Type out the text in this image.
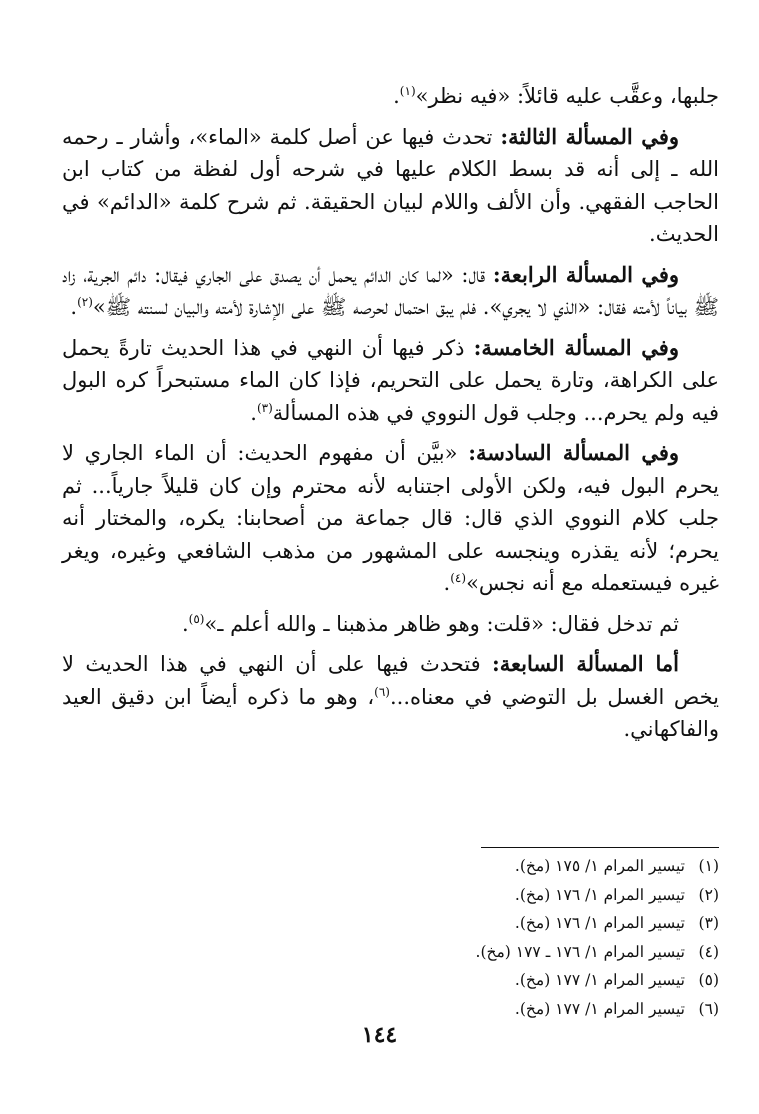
جلبها، وعقَّب عليه قائلاً: «فيه نظر»$^{(١)}$.

وفي المسألة الثالثة: تحدث فيها عن أصل كلمة «الماء»، وأشار ـ رحمه الله ـ إلى أنه قد بسط الكلام عليها في شرحه أول لفظة من كتاب ابن الحاجب الفقهي. وأن الألف واللام لبيان الحقيقة. ثم شرح كلمة «الدائم» في الحديث.

وفي المسألة الرابعة: قال: «لما كان الدائم يحمل أن يصدق على الجاري فيقال: دائم الجرية، زاد ﷺ بياناً لأمته فقال: «الذي لا يجري». فلم يبق احتمال لحرصه ﷺ على الإشارة لأمته والبيان لسنته ﷺ»$^{(٢)}$.

وفي المسألة الخامسة: ذكر فيها أن النهي في هذا الحديث تارةً يحمل على الكراهة، وتارة يحمل على التحريم، فإذا كان الماء مستبحراً كره البول فيه ولم يحرم... وجلب قول النووي في هذه المسألة$^{(٣)}$.

وفي المسألة السادسة: «بيَّن أن مفهوم الحديث: أن الماء الجاري لا يحرم البول فيه، ولكن الأولى اجتنابه لأنه محترم وإن كان قليلاً جارياً... ثم جلب كلام النووي الذي قال: قال جماعة من أصحابنا: يكره، والمختار أنه يحرم؛ لأنه يقذره وينجسه على المشهور من مذهب الشافعي وغيره، ويغر غيره فيستعمله مع أنه نجس»$^{(٤)}$.

ثم تدخل فقال: «قلت: وهو ظاهر مذهبنا ـ والله أعلم ـ»$^{(٥)}$.

أما المسألة السابعة: فتحدث فيها على أن النهي في هذا الحديث لا يخص الغسل بل التوضي في معناه...$^{(٦)}$، وهو ما ذكره أيضاً ابن دقيق العيد والفاكهاني.

(١)
تيسير المرام ١/ ١٧٥ (مخ).
(٢)
تيسير المرام ١/ ١٧٦ (مخ).
(٣)
تيسير المرام ١/ ١٧٦ (مخ).
(٤)
تيسير المرام ١/ ١٧٦ ـ ١٧٧ (مخ).
(٥)
تيسير المرام ١/ ١٧٧ (مخ).
(٦)
تيسير المرام ١/ ١٧٧ (مخ).
١٤٤
